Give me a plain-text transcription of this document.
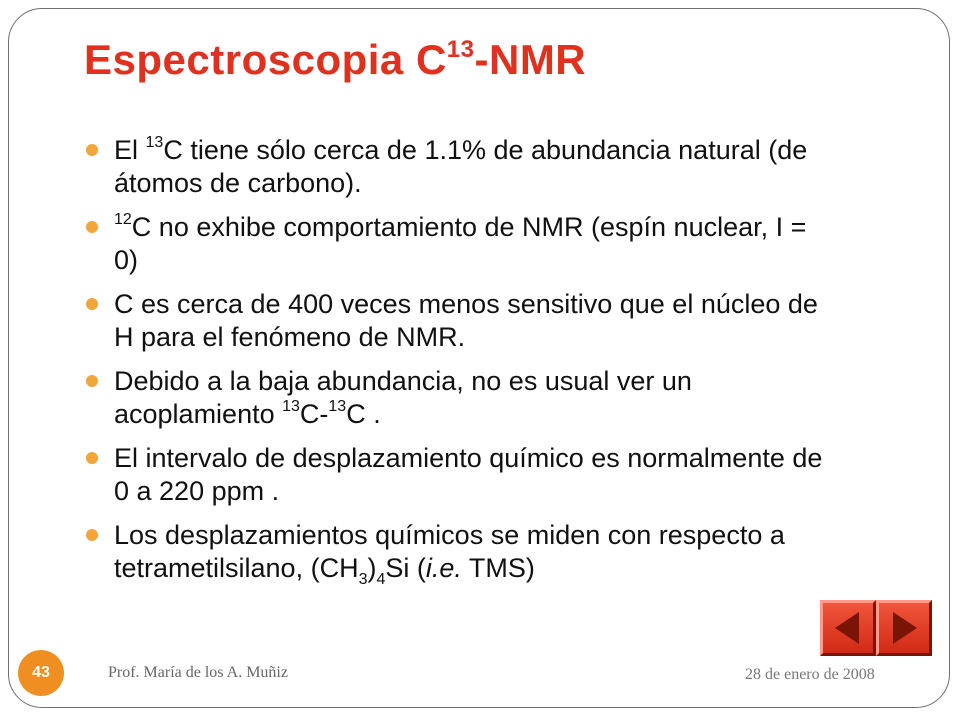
Espectroscopia $C^{13}$-NMR
El $^{13}$C tiene sólo cerca de 1.1% de abundancia natural (de átomos de carbono).
$^{12}$C no exhibe comportamiento de NMR (espín nuclear, I = 0)
C es cerca de 400 veces menos sensitivo que el núcleo de H para el fenómeno de NMR.
Debido a la baja abundancia, no es usual ver un acoplamiento $^{13}$C-$^{13}$C .
El intervalo de desplazamiento químico es normalmente de 0 a 220 ppm .
Los desplazamientos químicos se miden con respecto a tetrametilsilano, $(CH_3)_4Si$ (i.e. TMS)
43	Prof. María de los A. Muñiz	28 de enero de 2008
